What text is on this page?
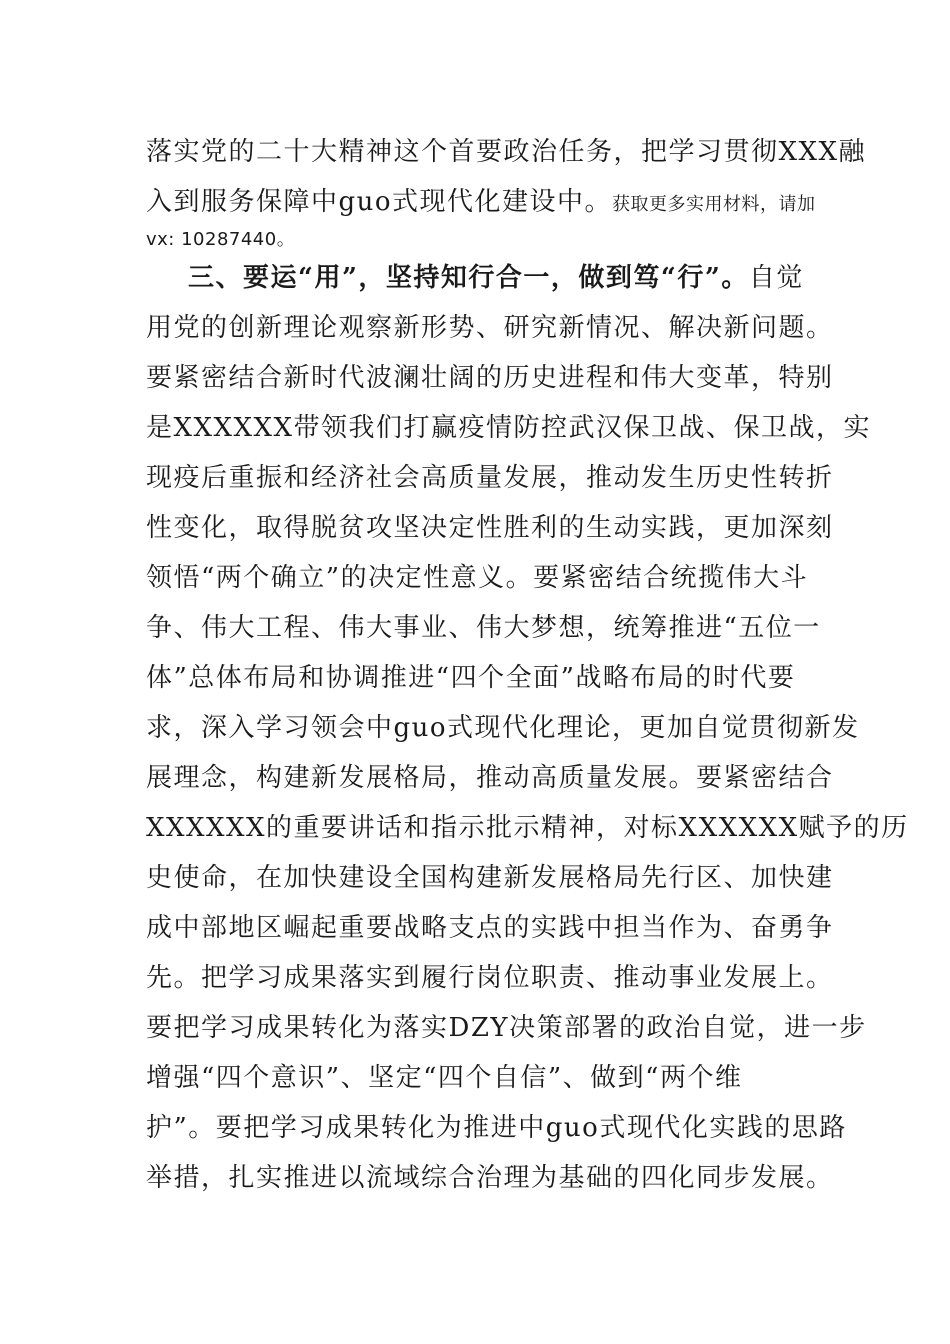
落实党的二十大精神这个首要政治任务，把学习贯彻XXX融
入到服务保障中guo式现代化建设中。获取更多实用材料，请加
vx: 10287440。
三、要运“用”，坚持知行合一，做到笃“行”。自觉
用党的创新理论观察新形势、研究新情况、解决新问题。
要紧密结合新时代波澜壮阔的历史进程和伟大变革，特别
是XXXXXX带领我们打赢疫情防控武汉保卫战、保卫战，实
现疫后重振和经济社会高质量发展，推动发生历史性转折
性变化，取得脱贫攻坚决定性胜利的生动实践，更加深刻
领悟“两个确立”的决定性意义。要紧密结合统揽伟大斗
争、伟大工程、伟大事业、伟大梦想，统筹推进“五位一
体”总体布局和协调推进“四个全面”战略布局的时代要
求，深入学习领会中guo式现代化理论，更加自觉贯彻新发
展理念，构建新发展格局，推动高质量发展。要紧密结合
XXXXXX的重要讲话和指示批示精神，对标XXXXXX赋予的历
史使命，在加快建设全国构建新发展格局先行区、加快建
成中部地区崛起重要战略支点的实践中担当作为、奋勇争
先。把学习成果落实到履行岗位职责、推动事业发展上。
要把学习成果转化为落实DZY决策部署的政治自觉，进一步
增强“四个意识”、坚定“四个自信”、做到“两个维
护”。要把学习成果转化为推进中guo式现代化实践的思路
举措，扎实推进以流域综合治理为基础的四化同步发展。
